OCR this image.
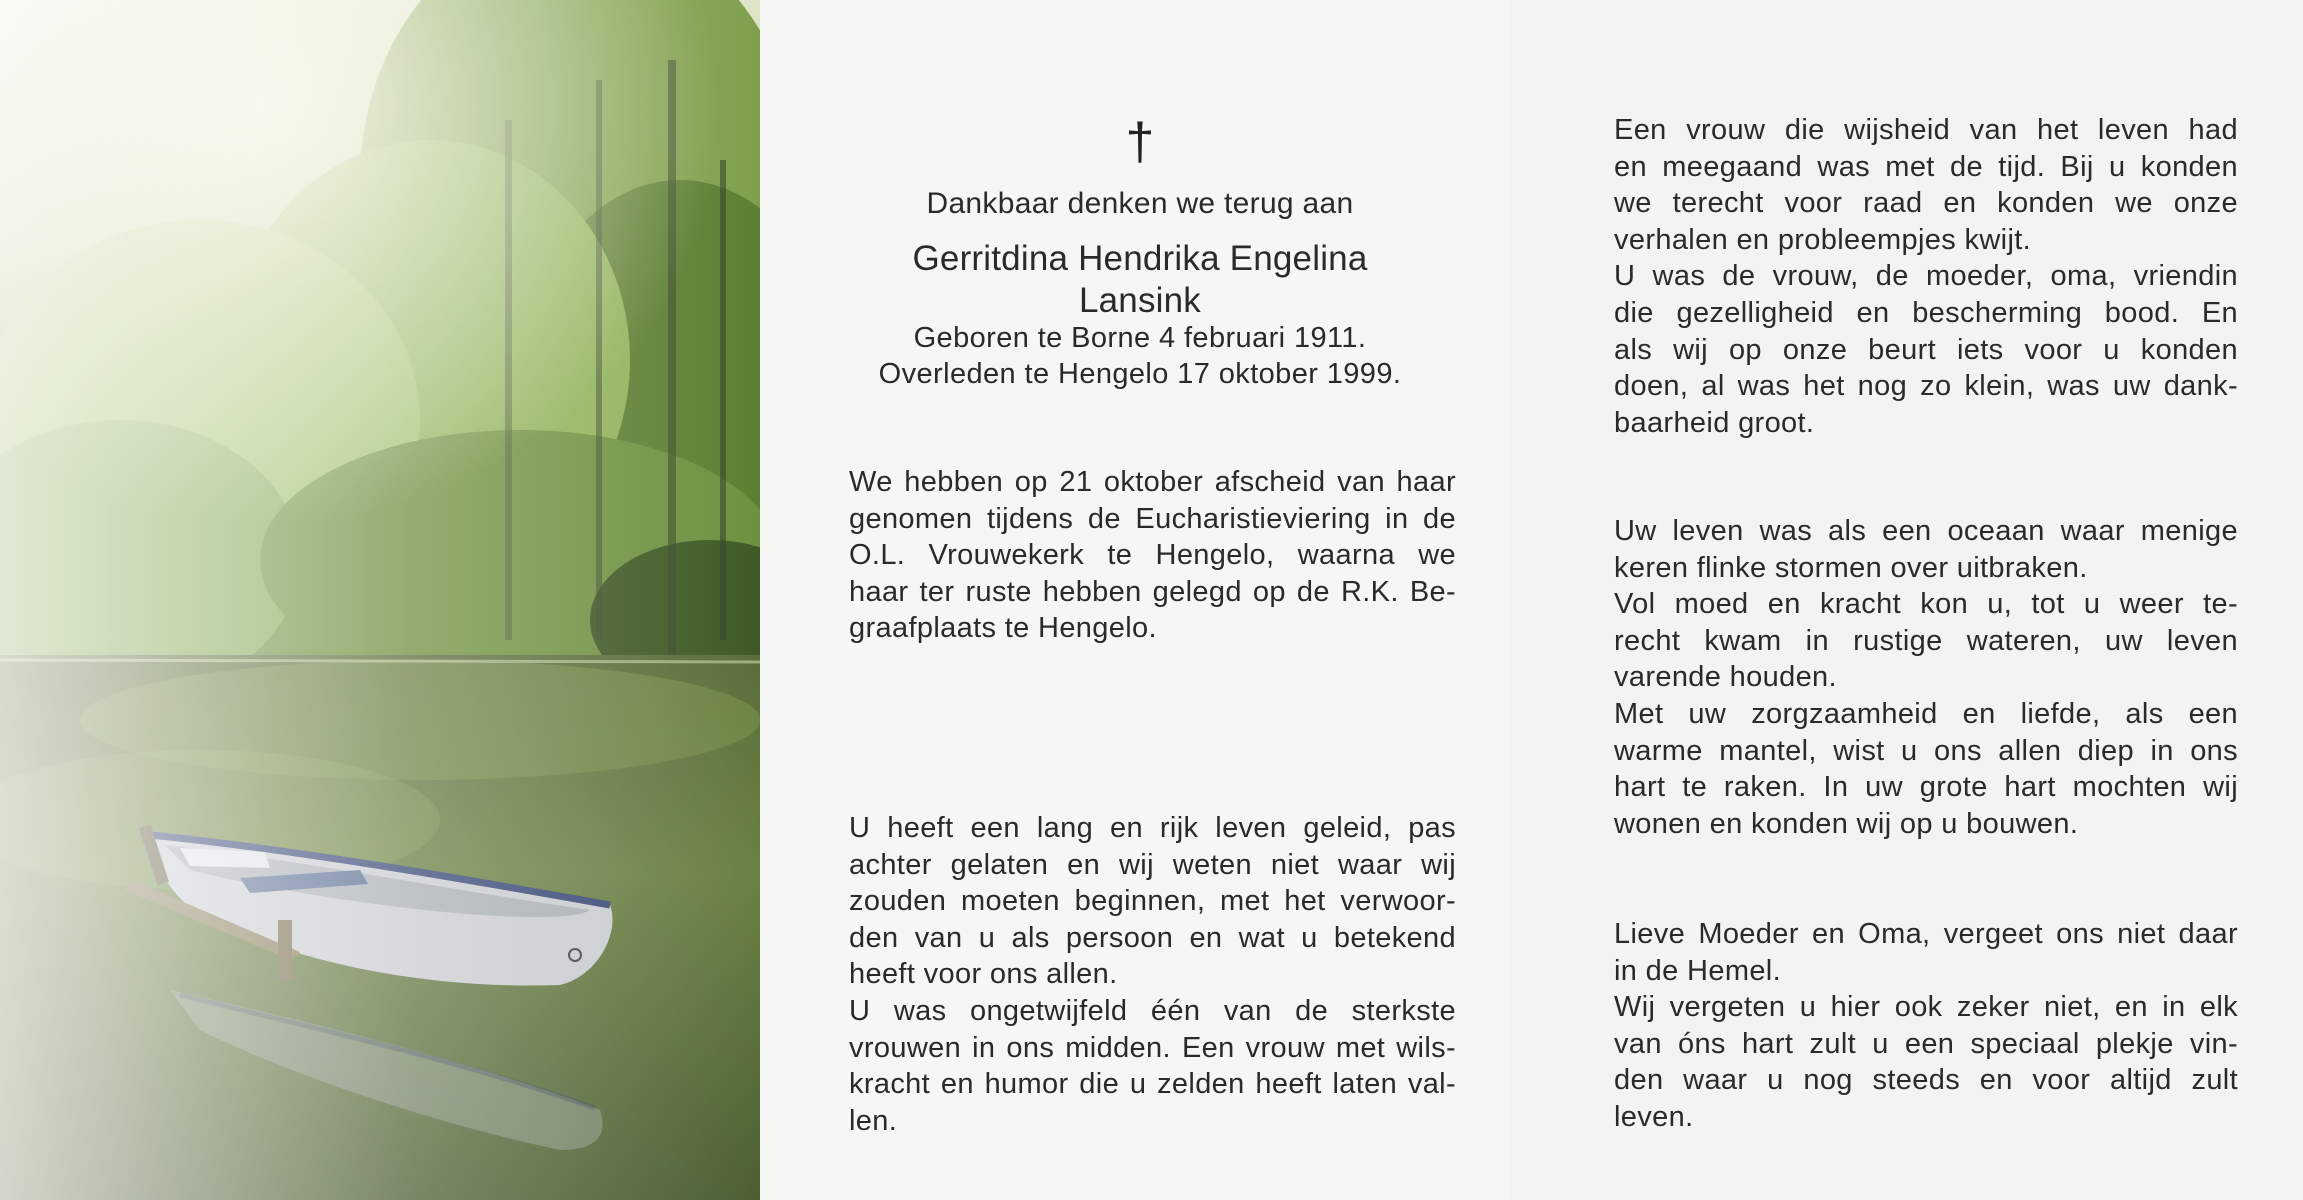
†
Dankbaar denken we terug aan
Gerritdina Hendrika Engelina Lansink
Geboren te Borne 4 februari 1911.
Overleden te Hengelo 17 oktober 1999.

We hebben op 21 oktober afscheid van haar
genomen tijdens de Eucharistieviering in de
O.L. Vrouwekerk te Hengelo, waarna we
haar ter ruste hebben gelegd op de R.K. Be-
graafplaats te Hengelo.

U heeft een lang en rijk leven geleid, pas
achter gelaten en wij weten niet waar wij
zouden moeten beginnen, met het verwoor-
den van u als persoon en wat u betekend
heeft voor ons allen.
U was ongetwijfeld één van de sterkste
vrouwen in ons midden. Een vrouw met wils-
kracht en humor die u zelden heeft laten val-
len.

Een vrouw die wijsheid van het leven had
en meegaand was met de tijd. Bij u konden
we terecht voor raad en konden we onze
verhalen en probleempjes kwijt.
U was de vrouw, de moeder, oma, vriendin
die gezelligheid en bescherming bood. En
als wij op onze beurt iets voor u konden
doen, al was het nog zo klein, was uw dank-
baarheid groot.

Uw leven was als een oceaan waar menige
keren flinke stormen over uitbraken.
Vol moed en kracht kon u, tot u weer te-
recht kwam in rustige wateren, uw leven
varende houden.
Met uw zorgzaamheid en liefde, als een
warme mantel, wist u ons allen diep in ons
hart te raken. In uw grote hart mochten wij
wonen en konden wij op u bouwen.

Lieve Moeder en Oma, vergeet ons niet daar
in de Hemel.
Wij vergeten u hier ook zeker niet, en in elk
van óns hart zult u een speciaal plekje vin-
den waar u nog steeds en voor altijd zult
leven.
